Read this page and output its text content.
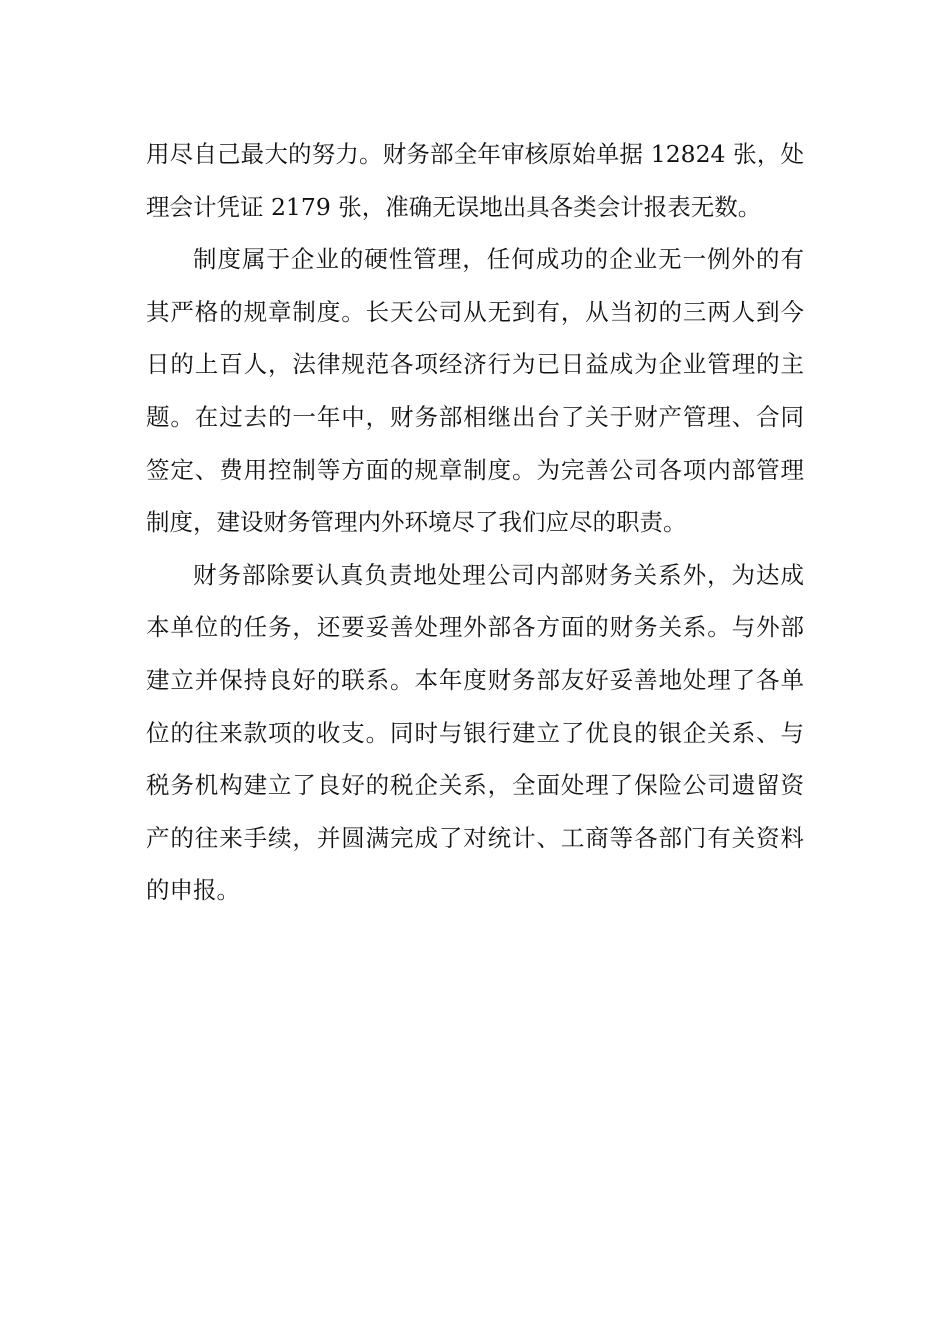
用尽自己最大的努力。财务部全年审核原始单据 12824 张，处
理会计凭证 2179 张，准确无误地出具各类会计报表无数。

制度属于企业的硬性管理，任何成功的企业无一例外的有
其严格的规章制度。长天公司从无到有，从当初的三两人到今
日的上百人，法律规范各项经济行为已日益成为企业管理的主
题。在过去的一年中，财务部相继出台了关于财产管理、合同
签定、费用控制等方面的规章制度。为完善公司各项内部管理
制度，建设财务管理内外环境尽了我们应尽的职责。

财务部除要认真负责地处理公司内部财务关系外，为达成
本单位的任务，还要妥善处理外部各方面的财务关系。与外部
建立并保持良好的联系。本年度财务部友好妥善地处理了各单
位的往来款项的收支。同时与银行建立了优良的银企关系、与
税务机构建立了良好的税企关系，全面处理了保险公司遗留资
产的往来手续，并圆满完成了对统计、工商等各部门有关资料
的申报。
